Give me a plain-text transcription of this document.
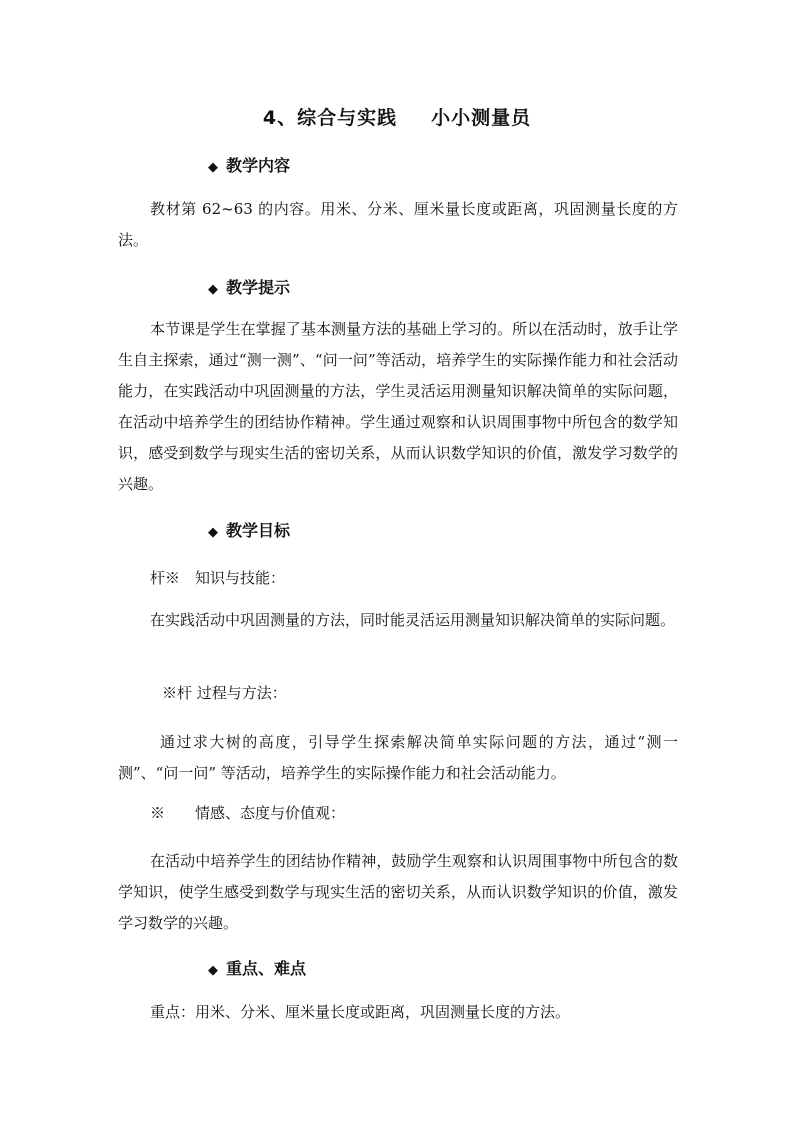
4、综合与实践 小小测量员
◆ 教学内容
教材第 62~63 的内容。用米、分米、厘米量长度或距离，巩固测量长度的方法。
◆ 教学提示
本节课是学生在掌握了基本测量方法的基础上学习的。所以在活动时，放手让学生自主探索，通过“测一测”、“问一问”等活动，培养学生的实际操作能力和社会活动能力，在实践活动中巩固测量的方法，学生灵活运用测量知识解决简单的实际问题，在活动中培养学生的团结协作精神。学生通过观察和认识周围事物中所包含的数学知识，感受到数学与现实生活的密切关系，从而认识数学知识的价值，激发学习数学的兴趣。
◆ 教学目标
杆※　知识与技能：
在实践活动中巩固测量的方法，同时能灵活运用测量知识解决简单的实际问题。
※杆 过程与方法：
通过求大树的高度，引导学生探索解决简单实际问题的方法，通过“测一测”、“问一问” 等活动，培养学生的实际操作能力和社会活动能力。
※　　情感、态度与价值观：
在活动中培养学生的团结协作精神，鼓励学生观察和认识周围事物中所包含的数学知识，使学生感受到数学与现实生活的密切关系，从而认识数学知识的价值，激发学习数学的兴趣。
◆ 重点、难点
重点：用米、分米、厘米量长度或距离，巩固测量长度的方法。
